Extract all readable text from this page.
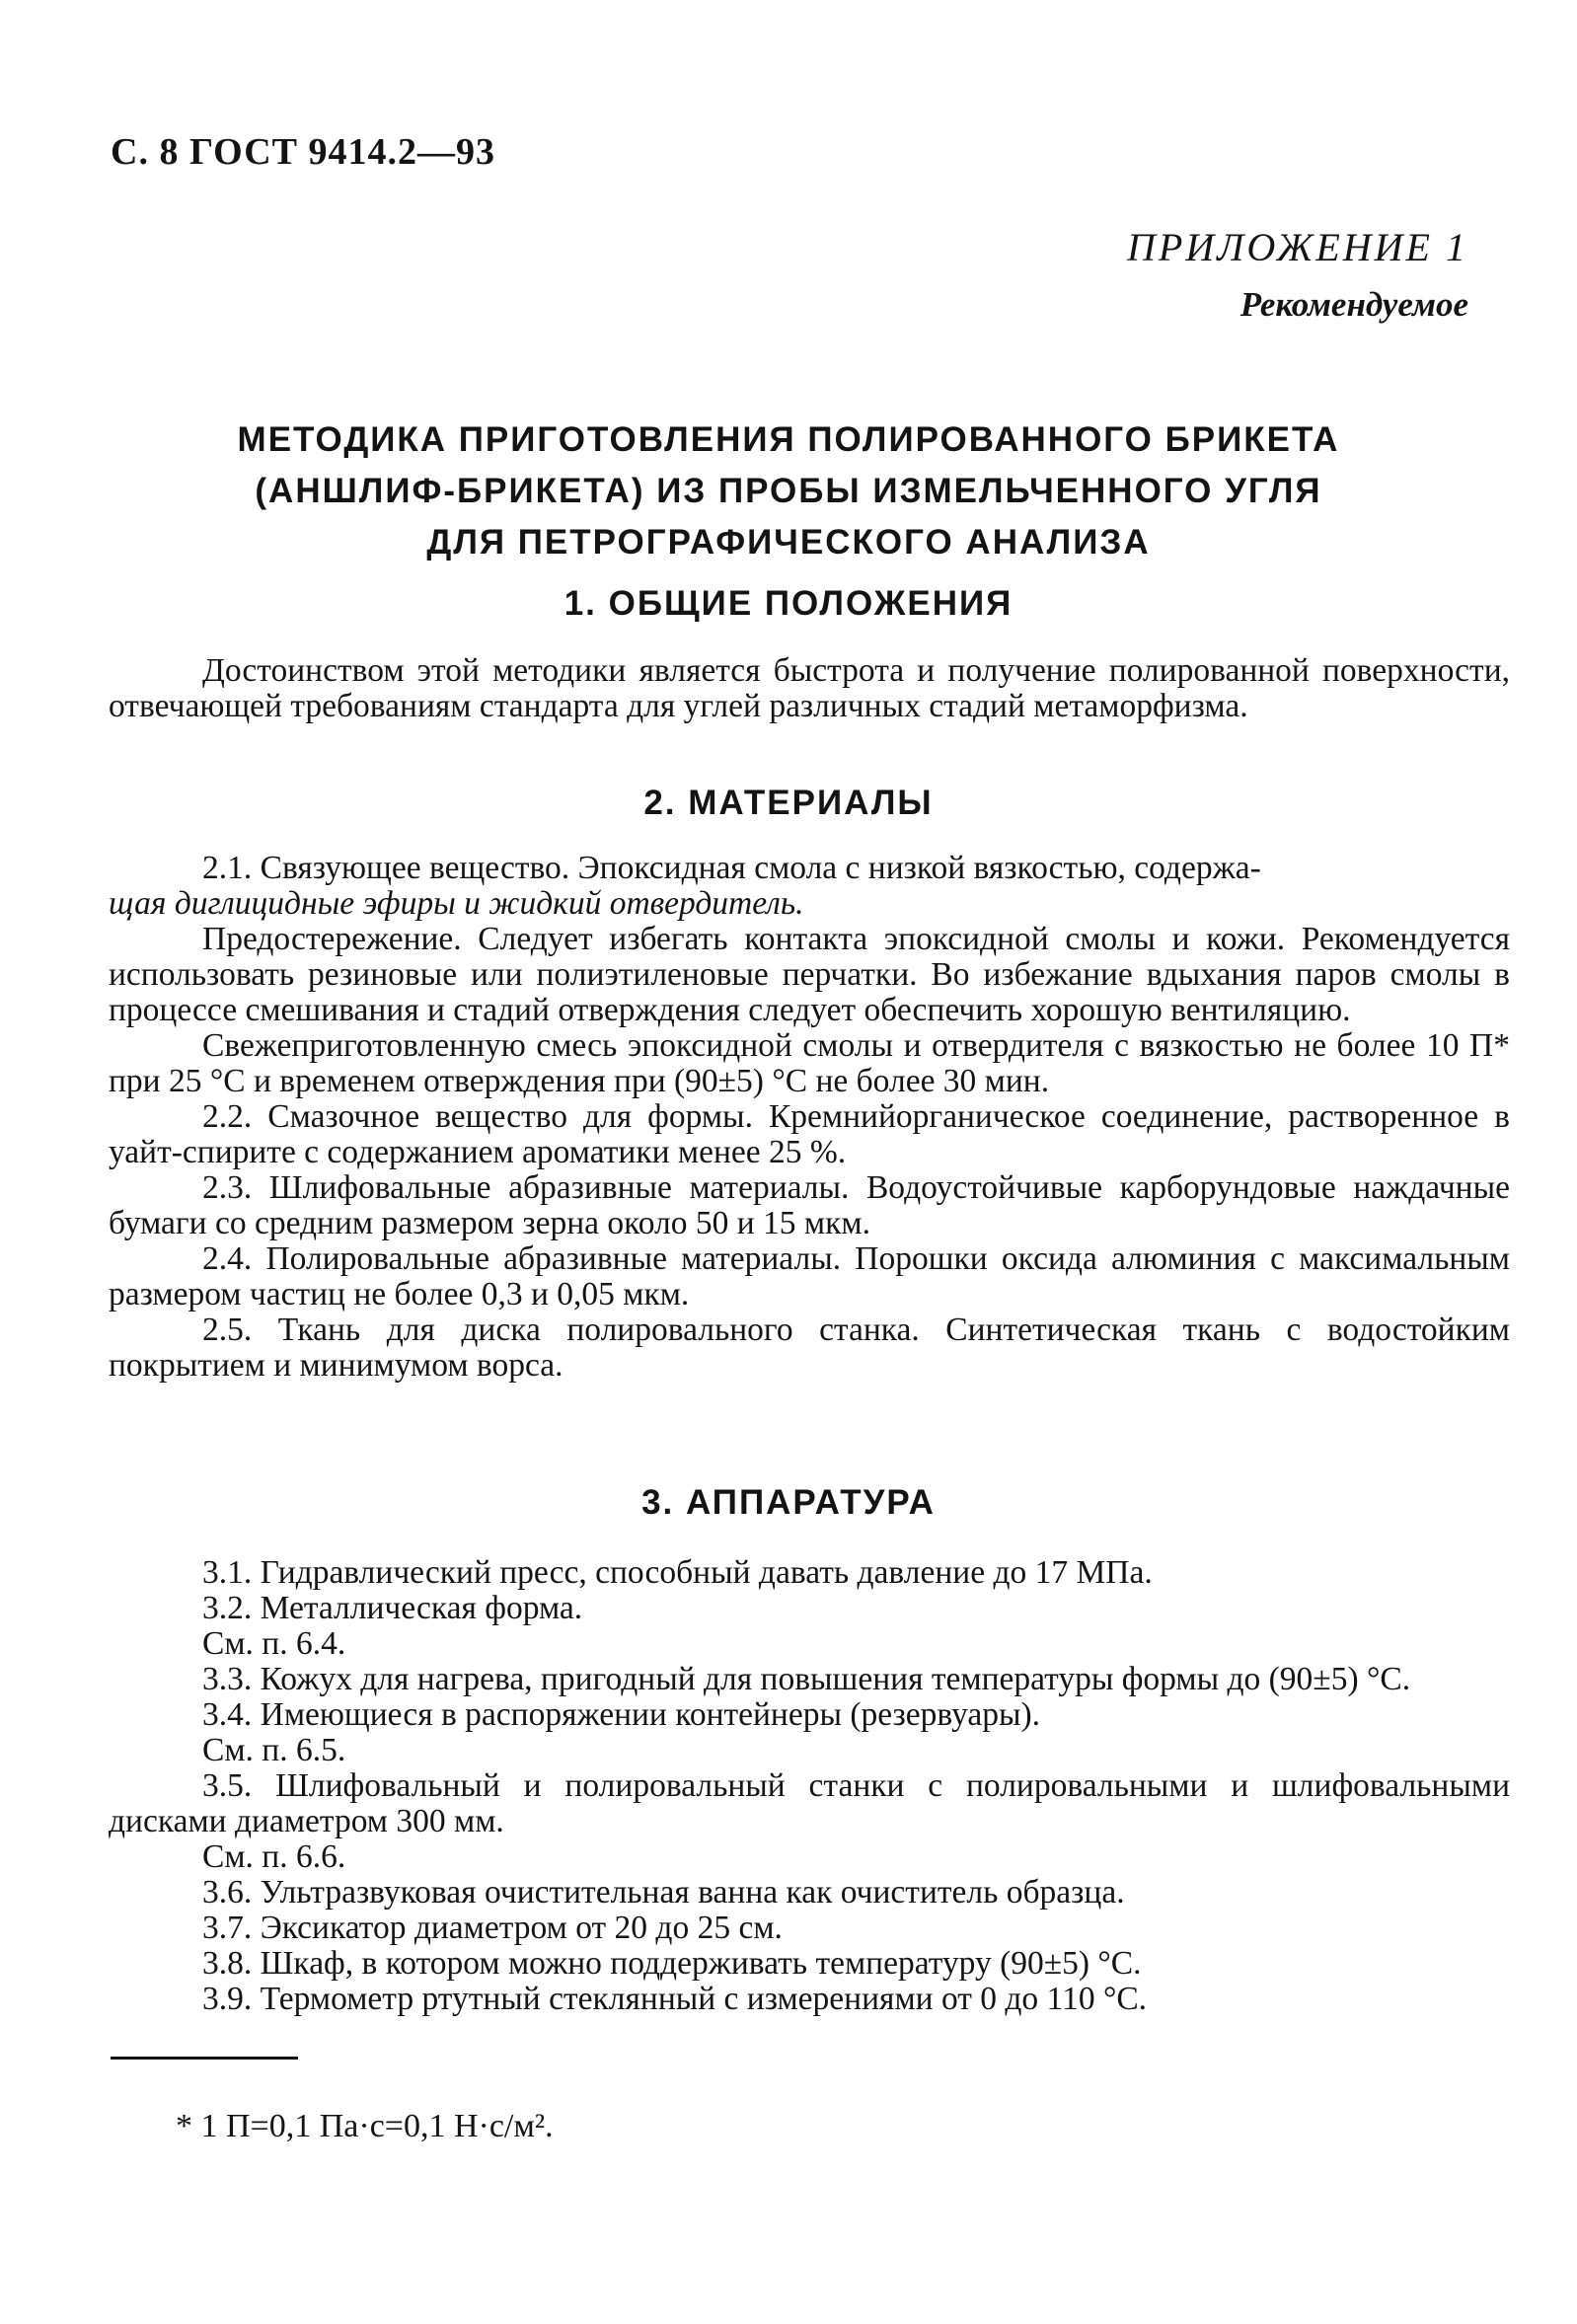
С. 8 ГОСТ 9414.2—93
ПРИЛОЖЕНИЕ 1
Рекомендуемое
МЕТОДИКА ПРИГОТОВЛЕНИЯ ПОЛИРОВАННОГО БРИКЕТА
(АНШЛИФ-БРИКЕТА) ИЗ ПРОБЫ ИЗМЕЛЬЧЕННОГО УГЛЯ
ДЛЯ ПЕТРОГРАФИЧЕСКОГО АНАЛИЗА
1. ОБЩИЕ ПОЛОЖЕНИЯ

Достоинством этой методики является быстрота и получение полированной поверхности, отвечающей требованиям стандарта для углей различных стадий метаморфизма.

2. МАТЕРИАЛЫ

2.1. Связующее вещество. Эпоксидная смола с низкой вязкостью, содержа-
щая диглицидные эфиры и жидкий отвердитель.

Предостережение. Следует избегать контакта эпоксидной смолы и кожи. Рекомендуется использовать резиновые или полиэтиленовые перчатки. Во избежание вдыхания паров смолы в процессе смешивания и стадий отверждения следует обеспечить хорошую вентиляцию.

Свежеприготовленную смесь эпоксидной смолы и отвердителя с вязкостью не более 10 П* при 25 °С и временем отверждения при (90±5) °С не более 30 мин.

2.2. Смазочное вещество для формы. Кремнийорганическое соединение, растворенное в уайт-спирите с содержанием ароматики менее 25 %.

2.3. Шлифовальные абразивные материалы. Водоустойчивые карборундовые наждачные бумаги со средним размером зерна около 50 и 15 мкм.

2.4. Полировальные абразивные материалы. Порошки оксида алюминия с максимальным размером частиц не более 0,3 и 0,05 мкм.

2.5. Ткань для диска полировального станка. Синтетическая ткань с водостойким покрытием и минимумом ворса.

3. АППАРАТУРА

3.1. Гидравлический пресс, способный давать давление до 17 МПа.

3.2. Металлическая форма.

См. п. 6.4.

3.3. Кожух для нагрева, пригодный для повышения температуры формы до (90±5) °С.

3.4. Имеющиеся в распоряжении контейнеры (резервуары).

См. п. 6.5.

3.5. Шлифовальный и полировальный станки с полировальными и шлифовальными дисками диаметром 300 мм.

См. п. 6.6.

3.6. Ультразвуковая очистительная ванна как очиститель образца.

3.7. Эксикатор диаметром от 20 до 25 см.

3.8. Шкаф, в котором можно поддерживать температуру (90±5) °С.

3.9. Термометр ртутный стеклянный с измерениями от 0 до 110 °С.

* 1 П=0,1 Па·с=0,1 Н·с/м².
